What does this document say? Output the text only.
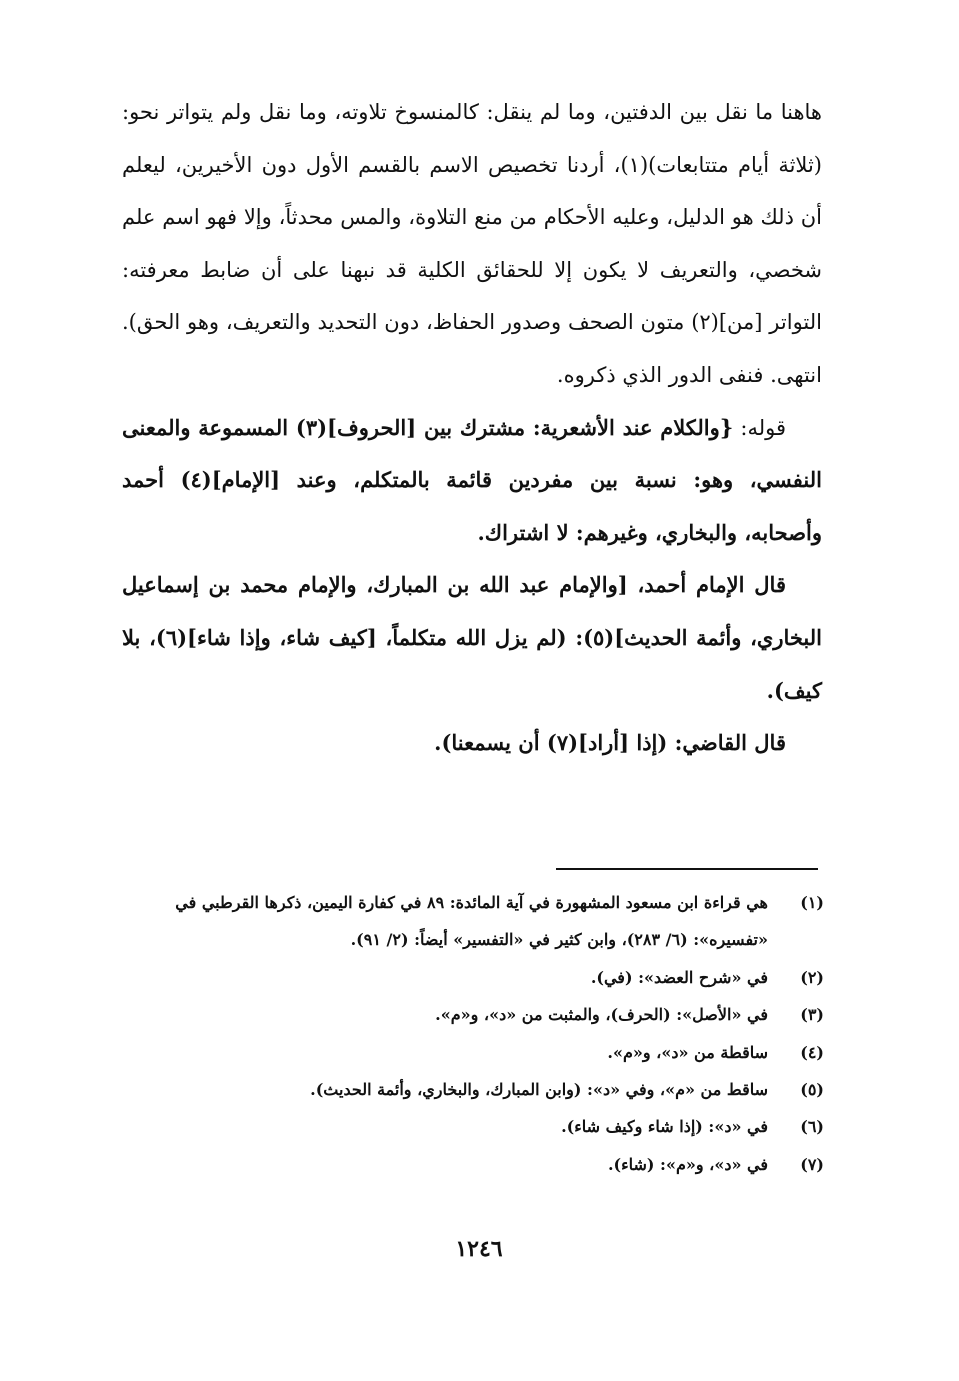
هاهنا ما نقل بين الدفتين، وما لم ينقل: كالمنسوخ تلاوته، وما نقل ولم يتواتر نحو: (ثلاثة أيام متتابعات)(١)، أردنا تخصيص الاسم بالقسم الأول دون الأخيرين، ليعلم أن ذلك هو الدليل، وعليه الأحكام من منع التلاوة، والمس محدثاً، وإلا فهو اسم علم شخصي، والتعريف لا يكون إلا للحقائق الكلية قد نبهنا على أن ضابط معرفته: التواتر [من](٢) متون الصحف وصدور الحفاظ، دون التحديد والتعريف، وهو الحق). انتهى. فنفى الدور الذي ذكروه.

قوله: {والكلام عند الأشعرية: مشترك بين [الحروف](٣) المسموعة والمعنى النفسي، وهو: نسبة بين مفردين قائمة بالمتكلم، وعند [الإمام](٤) أحمد وأصحابه، والبخاري، وغيرهم: لا اشتراك.

قال الإمام أحمد، [والإمام عبد الله بن المبارك، والإمام محمد بن إسماعيل البخاري، وأئمة الحديث](٥): (لم يزل الله متكلماً، [كيف شاء، وإذا شاء](٦)، بلا كيف).

قال القاضي: (إذا [أراد](٧) أن يسمعنا).

(١)
هي قراءة ابن مسعود المشهورة في آية المائدة: ٨٩ في كفارة اليمين، ذكرها القرطبي في «تفسيره»: (٦/ ٢٨٣)، وابن كثير في «التفسير» أيضاً: (٢/ ٩١).
(٢)
في «شرح العضد»: (في).
(٣)
في «الأصل»: (الحرف)، والمثبت من «د»، و«م».
(٤)
ساقطة من «د»، و«م».
(٥)
ساقط من «م»، وفي «د»: (وابن المبارك، والبخاري، وأئمة الحديث).
(٦)
في «د»: (إذا شاء وكيف شاء).
(٧)
في «د»، و«م»: (شاء).
١٢٤٦
